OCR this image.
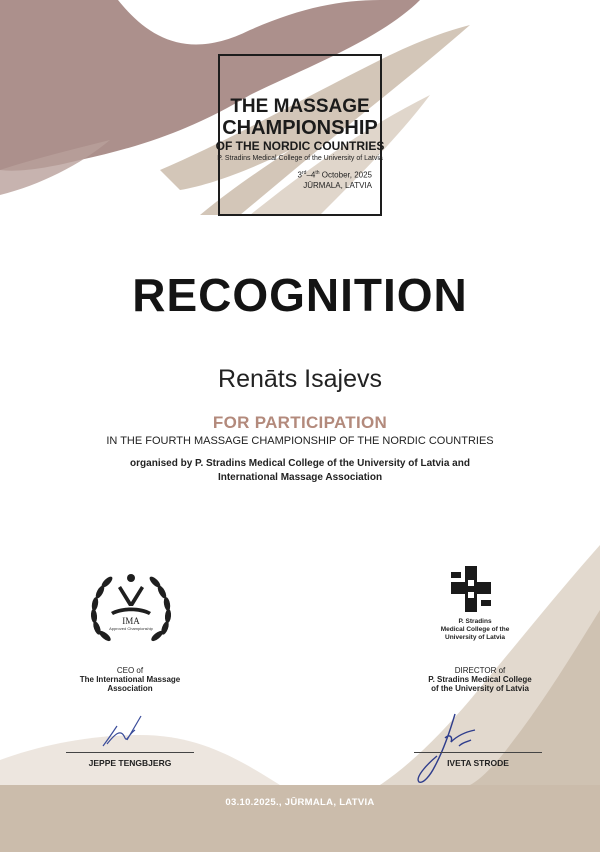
THE MASSAGE
CHAMPIONSHIP
OF THE NORDIC COUNTRIES
P. Stradins Medical College of the University of Latvia
3rd–4th October, 2025
JŪRMALA, LATVIA
RECOGNITION
Renāts Isajevs
FOR PARTICIPATION
IN THE FOURTH MASSAGE CHAMPIONSHIP OF THE NORDIC COUNTRIES
organised by P. Stradins Medical College of the University of Latvia and
International Massage Association
IMA
Approved Championship
CEO of
The International Massage
Association
JEPPE TENGBJERG
P. Stradins
Medical College of the
University of Latvia
DIRECTOR of
P. Stradins Medical College
of the University of Latvia
IVETA STRODE
03.10.2025., JŪRMALA, LATVIA
